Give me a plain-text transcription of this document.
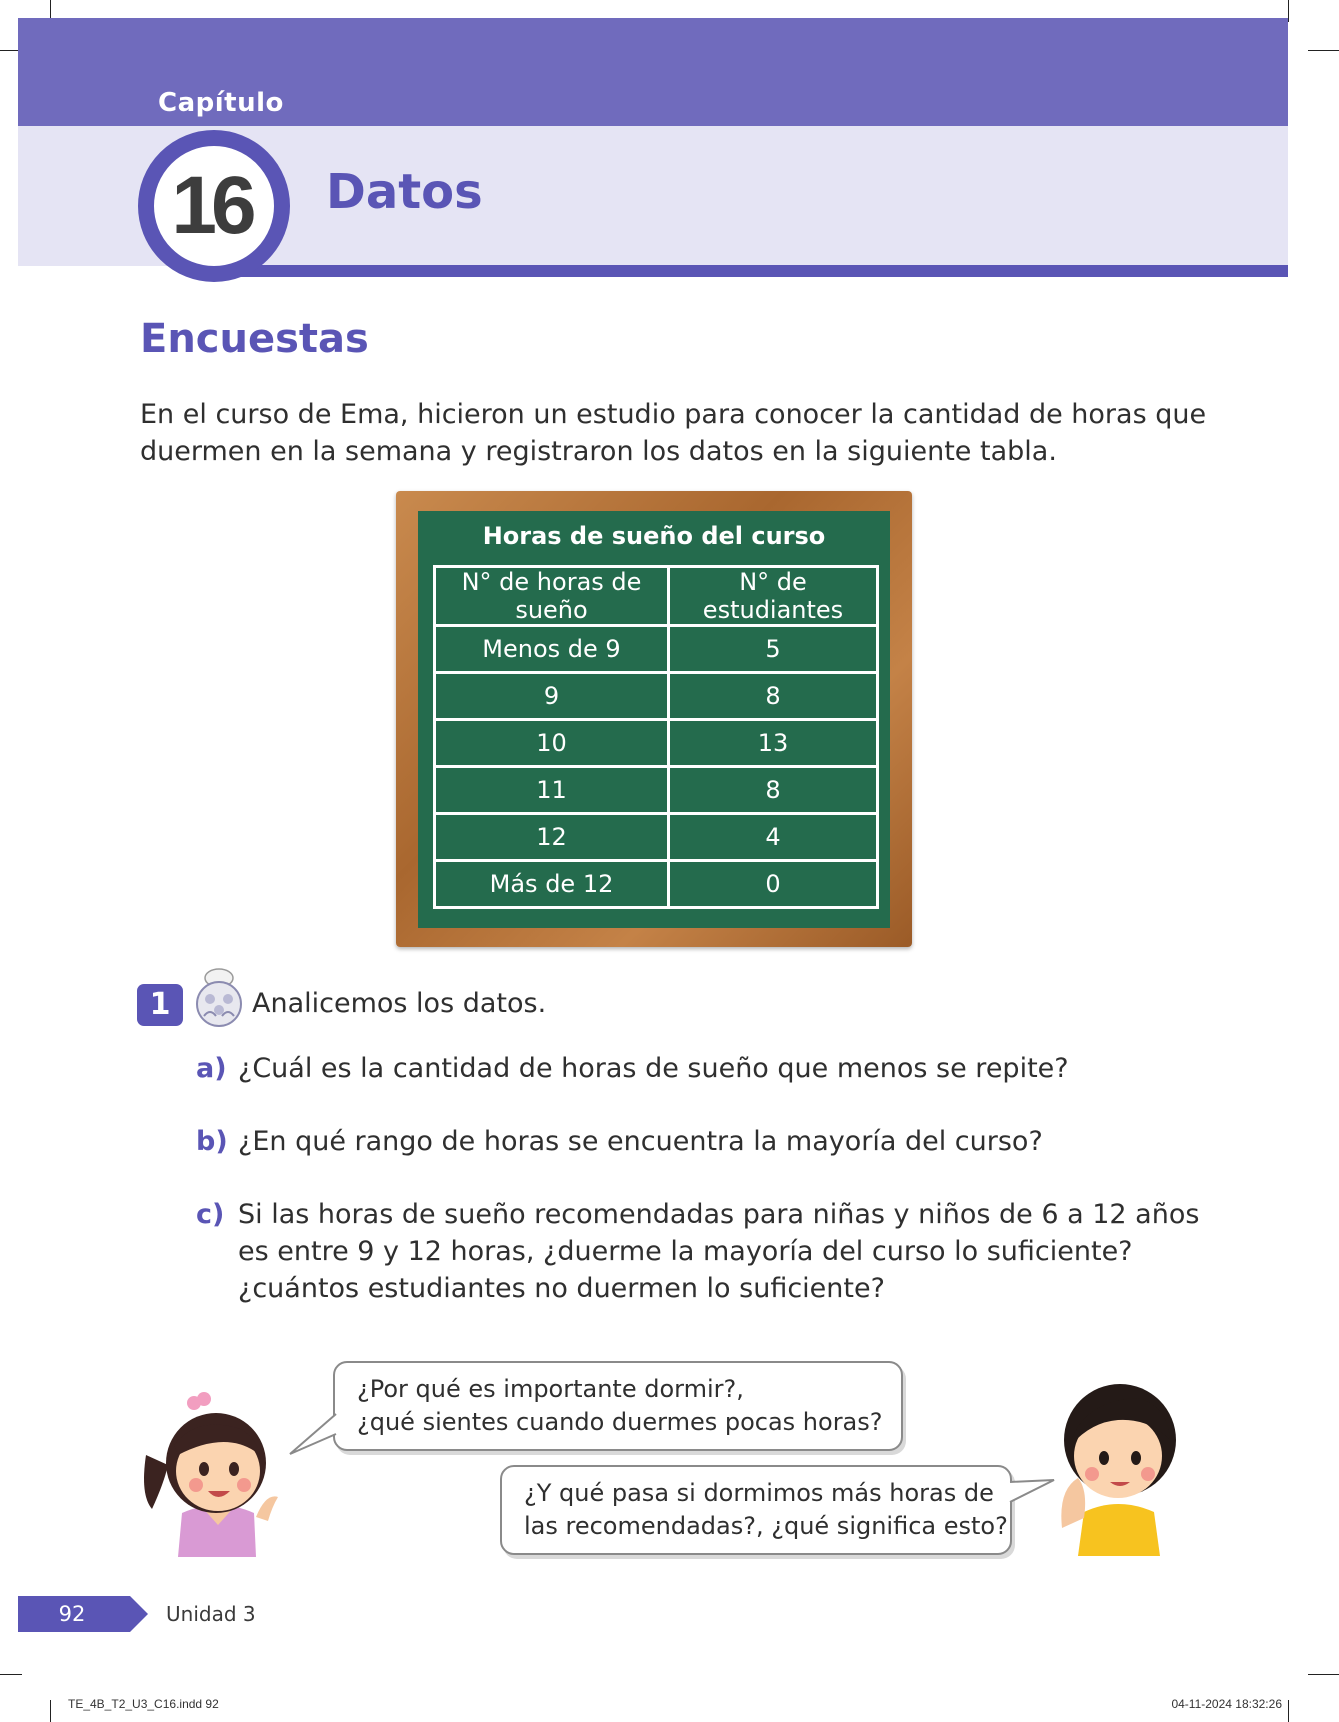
Capítulo
16 Datos
Encuestas
En el curso de Ema, hicieron un estudio para conocer la cantidad de horas que
duermen en la semana y registraron los datos en la siguiente tabla.
Horas de sueño del curso
N° de horas de sueño	N° de estudiantes
Menos de 9	5
9	8
10	13
11	8
12	4
Más de 12	0
1	Analicemos los datos.
a) ¿Cuál es la cantidad de horas de sueño que menos se repite?
b) ¿En qué rango de horas se encuentra la mayoría del curso?
c) Si las horas de sueño recomendadas para niñas y niños de 6 a 12 años
es entre 9 y 12 horas, ¿duerme la mayoría del curso lo suficiente?
¿cuántos estudiantes no duermen lo suficiente?
¿Por qué es importante dormir?,
¿qué sientes cuando duermes pocas horas?
¿Y qué pasa si dormimos más horas de
las recomendadas?, ¿qué significa esto?
92	Unidad 3
TE_4B_T2_U3_C16.indd 92	04-11-2024 18:32:26
